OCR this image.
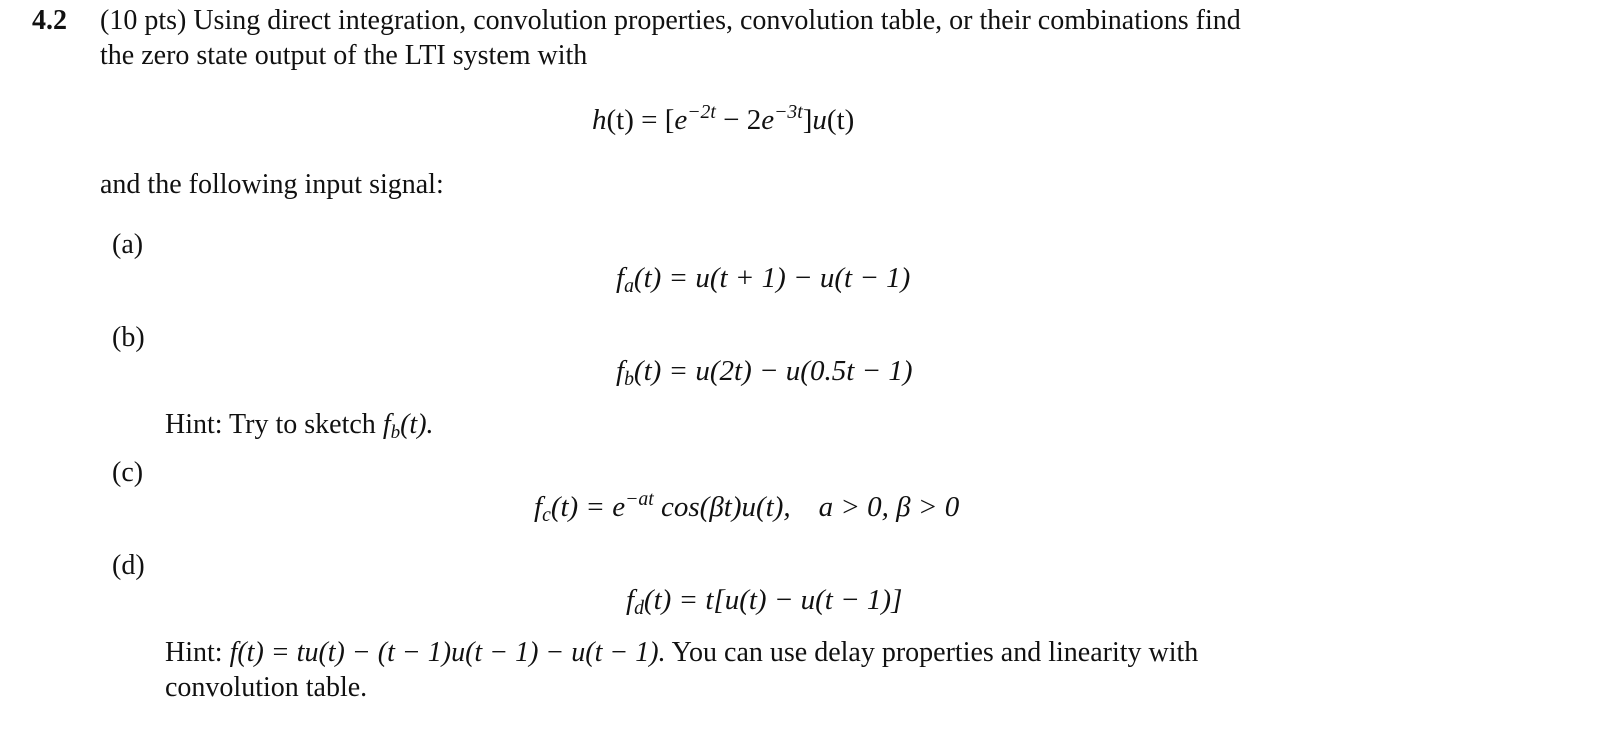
4.2 (10 pts) Using direct integration, convolution properties, convolution table, or their combinations find
the zero state output of the LTI system with
$h(t) = [e^{-2t} - 2e^{-3t}]u(t)$
and the following input signal:
(a)
$f_a(t) = u(t + 1) - u(t - 1)$
(b)
$f_b(t) = u(2t) - u(0.5t - 1)$
Hint: Try to sketch $f_b(t)$.
(c)
$f_c(t) = e^{-at}$ cos(βt)u(t), a > 0, β > 0
(d)
$f_d(t) = t[u(t) - u(t - 1)]$
Hint: f(t) = tu(t) − (t − 1)u(t − 1) − u(t − 1). You can use delay properties and linearity with
convolution table.
